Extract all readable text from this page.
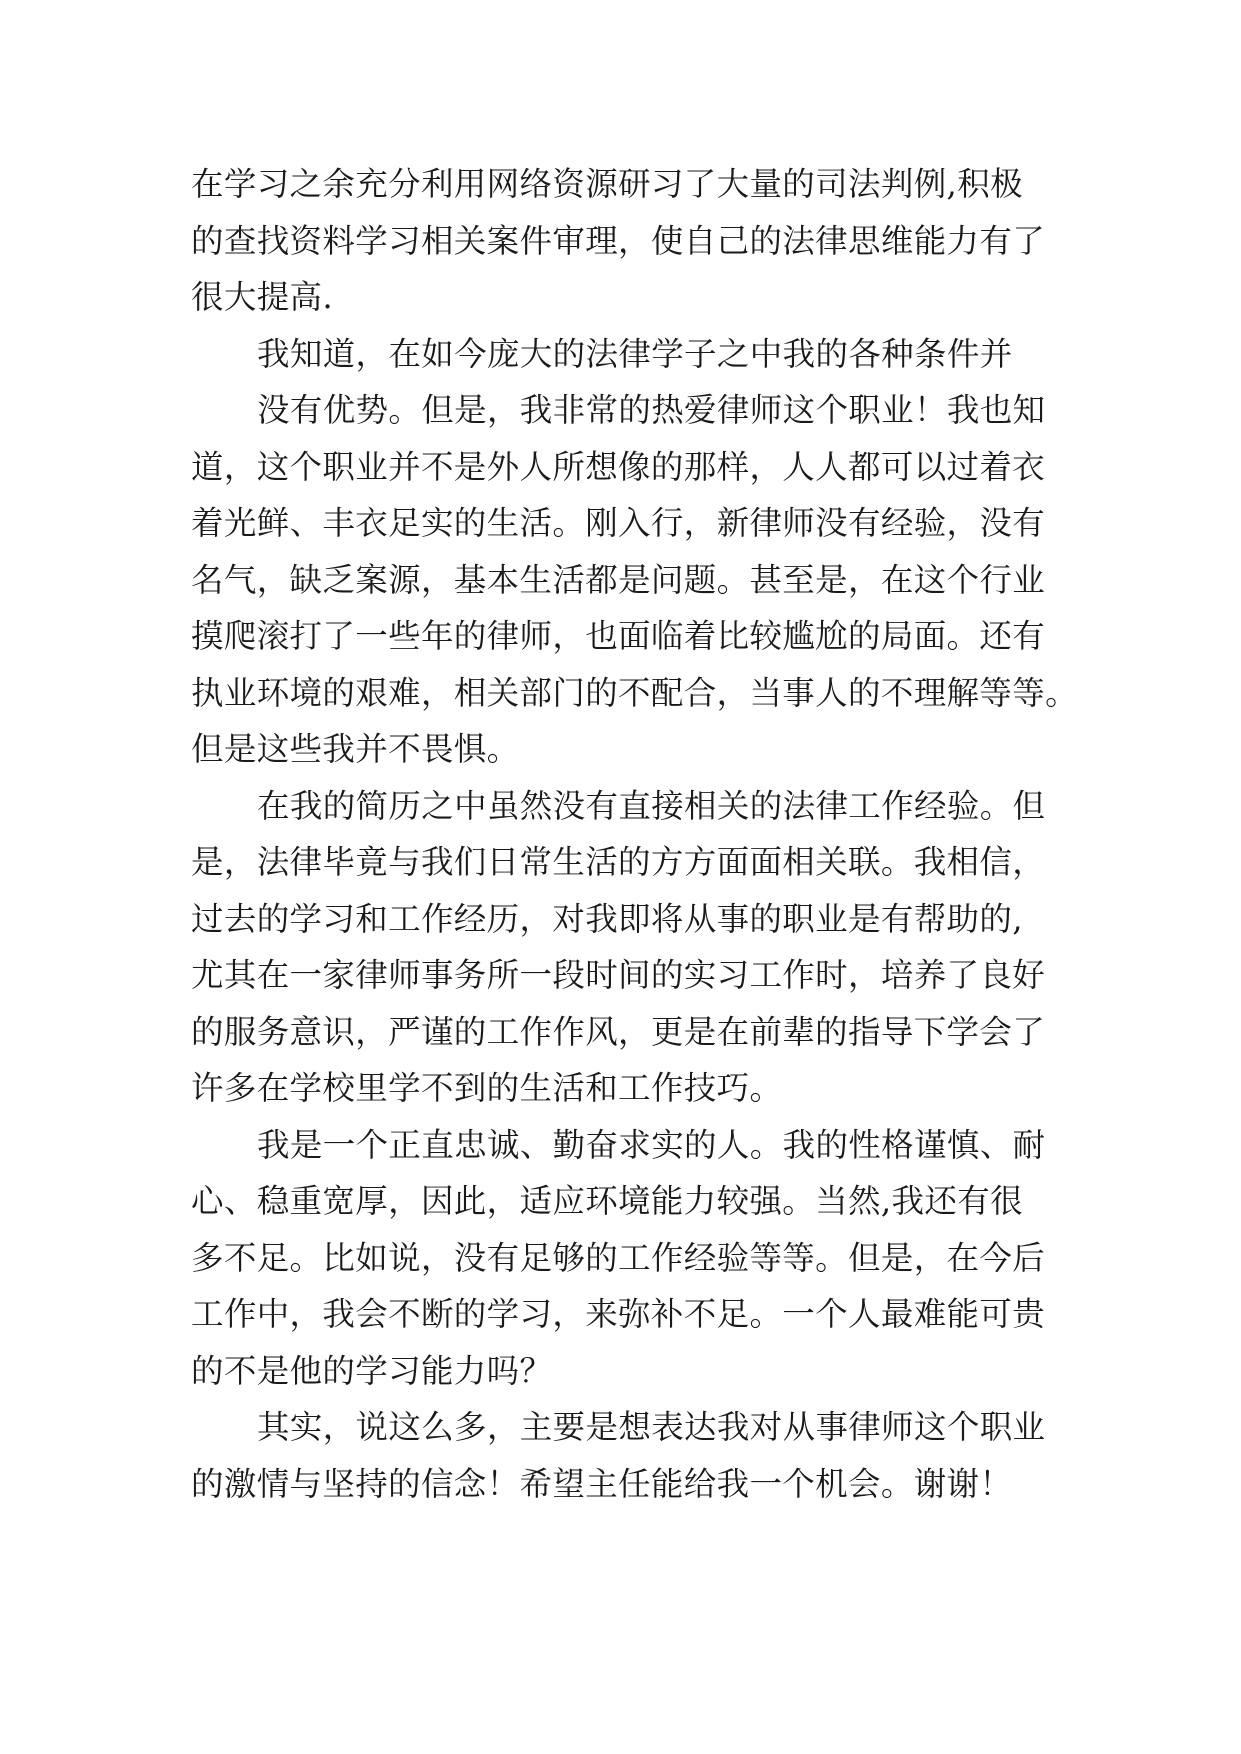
在学习之余充分利用网络资源研习了大量的司法判例,积极
的查找资料学习相关案件审理，使自己的法律思维能力有了
很大提高.
我知道，在如今庞大的法律学子之中我的各种条件并
没有优势。但是，我非常的热爱律师这个职业！我也知
道，这个职业并不是外人所想像的那样，人人都可以过着衣
着光鲜、丰衣足实的生活。刚入行，新律师没有经验，没有
名气，缺乏案源，基本生活都是问题。甚至是，在这个行业
摸爬滚打了一些年的律师，也面临着比较尴尬的局面。还有
执业环境的艰难，相关部门的不配合，当事人的不理解等等。
但是这些我并不畏惧。
在我的简历之中虽然没有直接相关的法律工作经验。但
是，法律毕竟与我们日常生活的方方面面相关联。我相信，
过去的学习和工作经历，对我即将从事的职业是有帮助的,
尤其在一家律师事务所一段时间的实习工作时，培养了良好
的服务意识，严谨的工作作风，更是在前辈的指导下学会了
许多在学校里学不到的生活和工作技巧。
我是一个正直忠诚、勤奋求实的人。我的性格谨慎、耐
心、稳重宽厚，因此，适应环境能力较强。当然,我还有很
多不足。比如说，没有足够的工作经验等等。但是，在今后
工作中，我会不断的学习，来弥补不足。一个人最难能可贵
的不是他的学习能力吗？
其实，说这么多，主要是想表达我对从事律师这个职业
的激情与坚持的信念！希望主任能给我一个机会。谢谢！
